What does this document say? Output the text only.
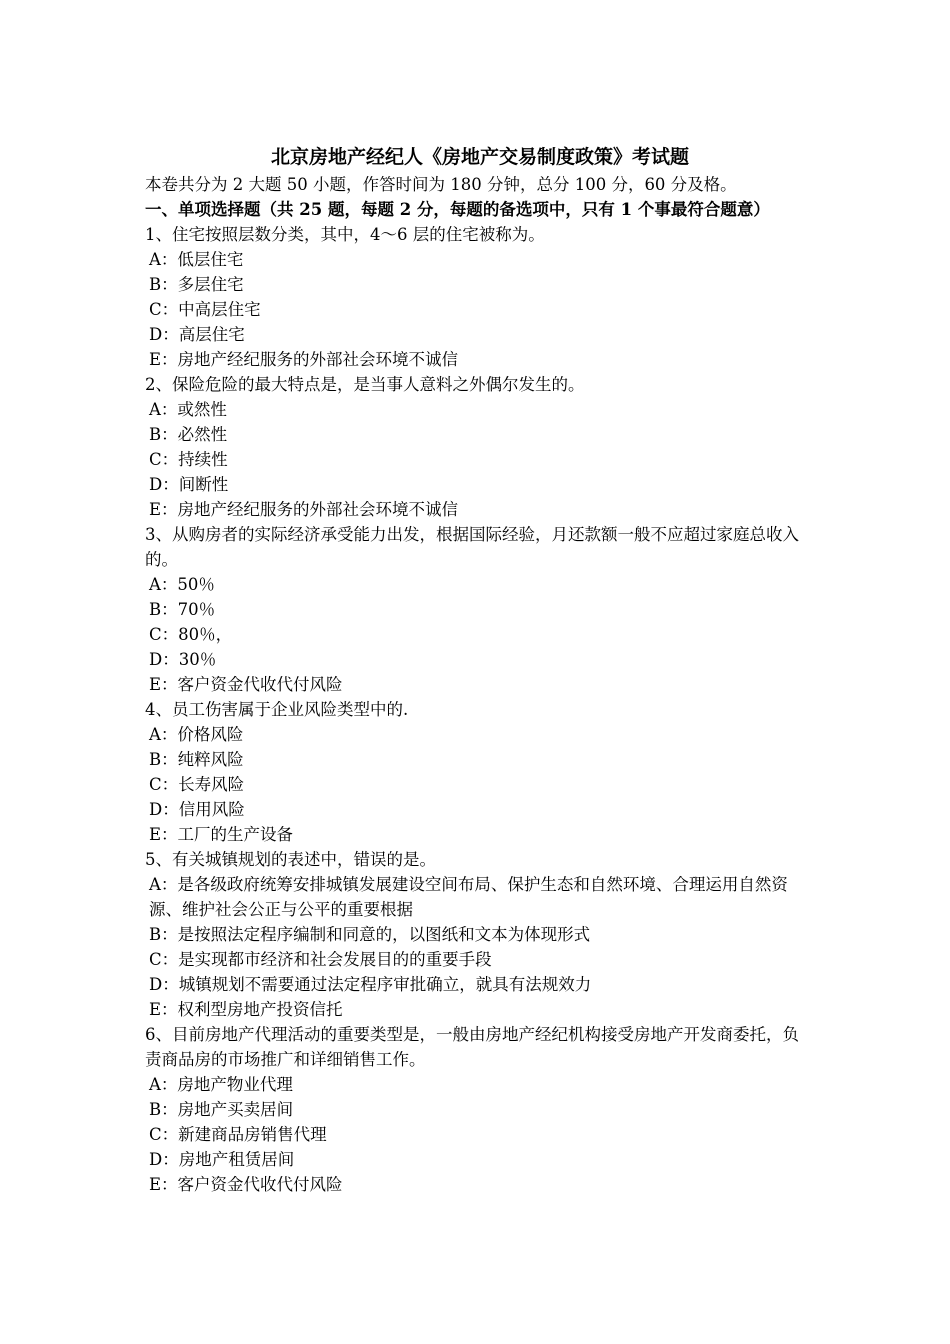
北京房地产经纪人《房地产交易制度政策》考试题
本卷共分为 2 大题 50 小题，作答时间为 180 分钟，总分 100 分，60 分及格。
一、单项选择题（共 25 题，每题 2 分，每题的备选项中，只有 1 个事最符合题意）
1、住宅按照层数分类，其中，4～6 层的住宅被称为。
A：低层住宅
B：多层住宅
C：中高层住宅
D：高层住宅
E：房地产经纪服务的外部社会环境不诚信
2、保险危险的最大特点是，是当事人意料之外偶尔发生的。
A：或然性
B：必然性
C：持续性
D：间断性
E：房地产经纪服务的外部社会环境不诚信
3、从购房者的实际经济承受能力出发，根据国际经验，月还款额一般不应超过家庭总收入的。
A：50％
B：70％
C：80％，
D：30％
E：客户资金代收代付风险
4、员工伤害属于企业风险类型中的.
A：价格风险
B：纯粹风险
C：长寿风险
D：信用风险
E：工厂的生产设备
5、有关城镇规划的表述中，错误的是。
A：是各级政府统筹安排城镇发展建设空间布局、保护生态和自然环境、合理运用自然资源、维护社会公正与公平的重要根据
B：是按照法定程序编制和同意的，以图纸和文本为体现形式
C：是实现都市经济和社会发展目的的重要手段
D：城镇规划不需要通过法定程序审批确立，就具有法规效力
E：权利型房地产投资信托
6、目前房地产代理活动的重要类型是，一般由房地产经纪机构接受房地产开发商委托，负责商品房的市场推广和详细销售工作。
A：房地产物业代理
B：房地产买卖居间
C：新建商品房销售代理
D：房地产租赁居间
E：客户资金代收代付风险
